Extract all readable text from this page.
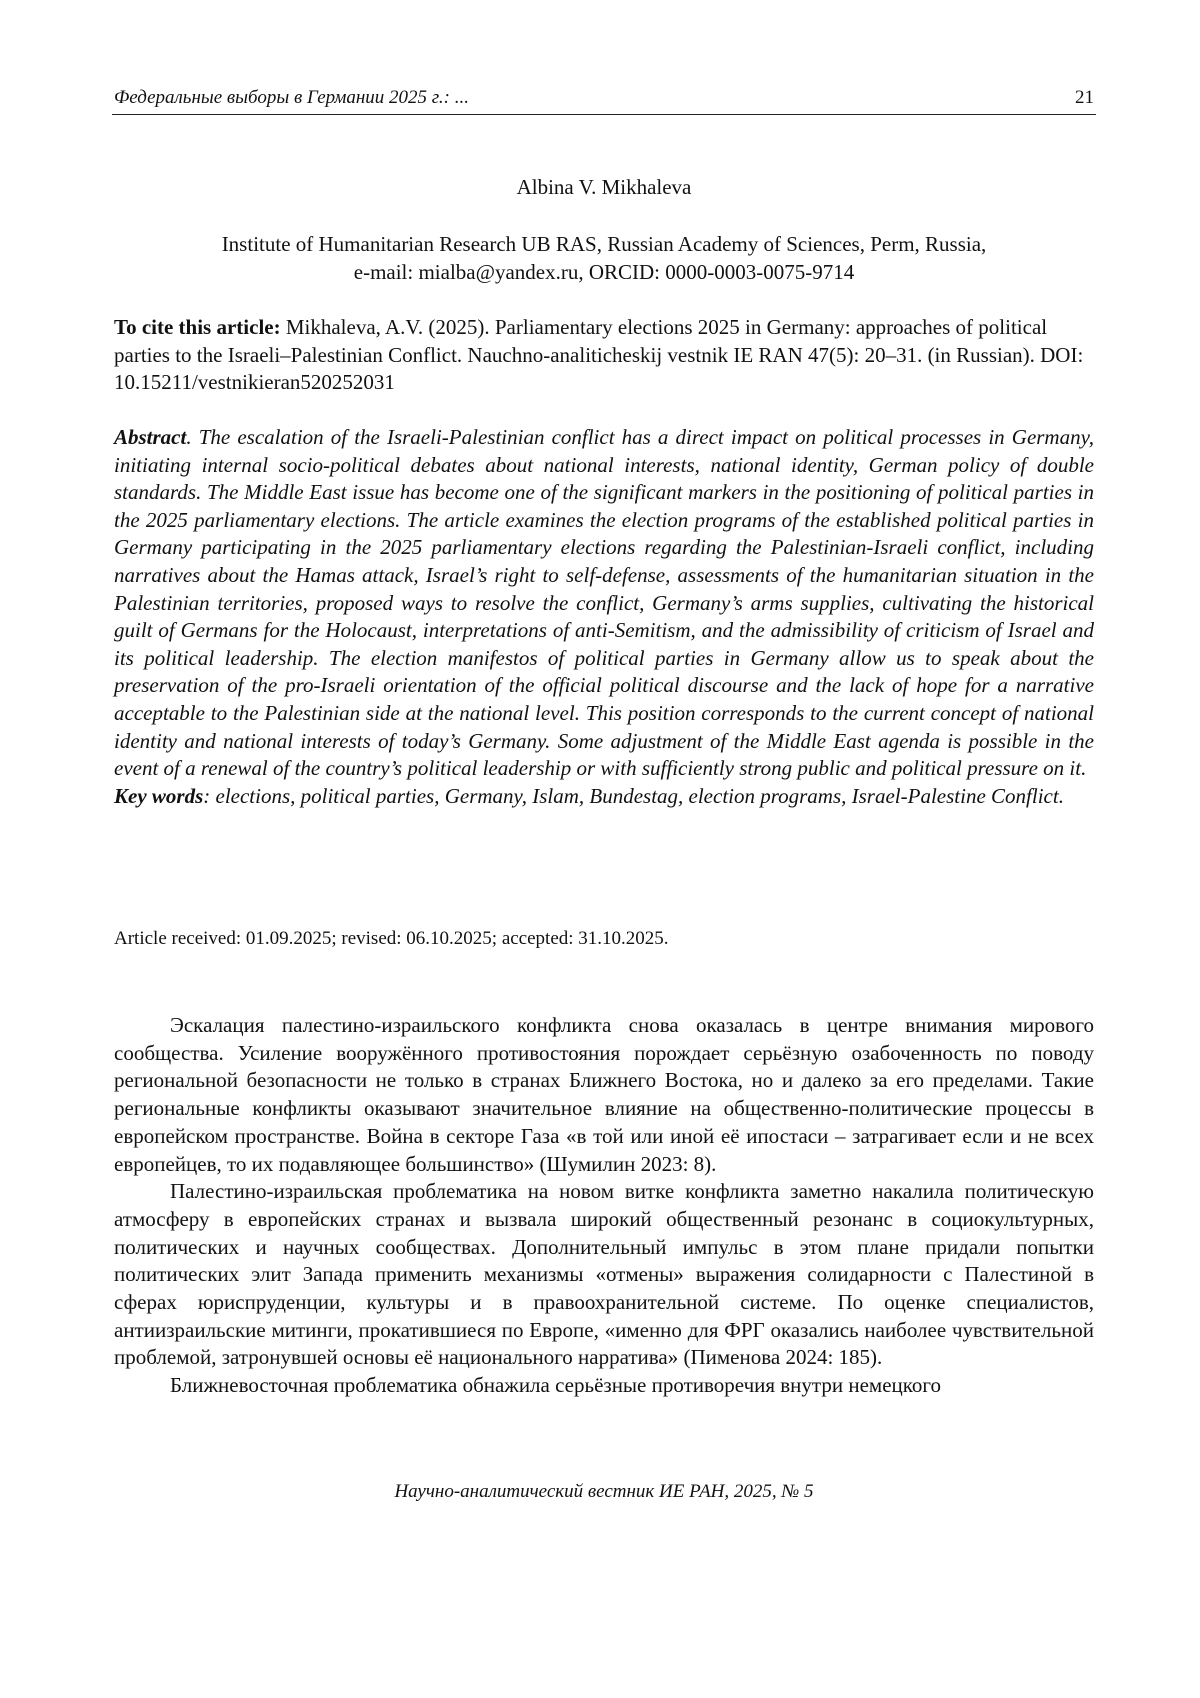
Федеральные выборы в Германии 2025 г.: ...	21
Albina V. Mikhaleva
Institute of Humanitarian Research UB RAS, Russian Academy of Sciences, Perm, Russia,
e-mail: mialba@yandex.ru, ORCID: 0000-0003-0075-9714
To cite this article: Mikhaleva, A.V. (2025). Parliamentary elections 2025 in Germany: approaches of political parties to the Israeli–Palestinian Conflict. Nauchno-analiticheskij vestnik IE RAN 47(5): 20–31. (in Russian). DOI: 10.15211/vestnikieran520252031
Abstract. The escalation of the Israeli-Palestinian conflict has a direct impact on political processes in Germany, initiating internal socio-political debates about national interests, national identity, German policy of double standards. The Middle East issue has become one of the significant markers in the positioning of political parties in the 2025 parliamentary elections. The article examines the election programs of the established political parties in Germany participating in the 2025 parliamentary elections regarding the Palestinian-Israeli conflict, including narratives about the Hamas attack, Israel’s right to self-defense, assessments of the humanitarian situation in the Palestinian territories, proposed ways to resolve the conflict, Germany’s arms supplies, cultivating the historical guilt of Germans for the Holocaust, interpretations of anti-Semitism, and the admissibility of criticism of Israel and its political leadership. The election manifestos of political parties in Germany allow us to speak about the preservation of the pro-Israeli orientation of the official political discourse and the lack of hope for a narrative acceptable to the Palestinian side at the national level. This position corresponds to the current concept of national identity and national interests of today’s Germany. Some adjustment of the Middle East agenda is possible in the event of a renewal of the country’s political leadership or with sufficiently strong public and political pressure on it.
Key words: elections, political parties, Germany, Islam, Bundestag, election programs, Israel-Palestine Conflict.
Article received: 01.09.2025; revised: 06.10.2025; accepted: 31.10.2025.

Эскалация палестино-израильского конфликта снова оказалась в центре внимания мирового сообщества. Усиление вооружённого противостояния порождает серьёзную озабоченность по поводу региональной безопасности не только в странах Ближнего Востока, но и далеко за его пределами. Такие региональные конфликты оказывают значительное влияние на общественно-политические процессы в европейском пространстве. Война в секторе Газа «в той или иной её ипостаси – затрагивает если и не всех европейцев, то их подавляющее большинство» (Шумилин 2023: 8).

Палестино-израильская проблематика на новом витке конфликта заметно накалила политическую атмосферу в европейских странах и вызвала широкий общественный резонанс в социокультурных, политических и научных сообществах. Дополнительный импульс в этом плане придали попытки политических элит Запада применить механизмы «отмены» выражения солидарности с Палестиной в сферах юриспруденции, культуры и в правоохранительной системе. По оценке специалистов, антиизраильские митинги, прокатившиеся по Европе, «именно для ФРГ оказались наиболее чувствительной проблемой, затронувшей основы её национального нарратива» (Пименова 2024: 185).

Ближневосточная проблематика обнажила серьёзные противоречия внутри немецкого

Научно-аналитический вестник ИЕ РАН, 2025, № 5
